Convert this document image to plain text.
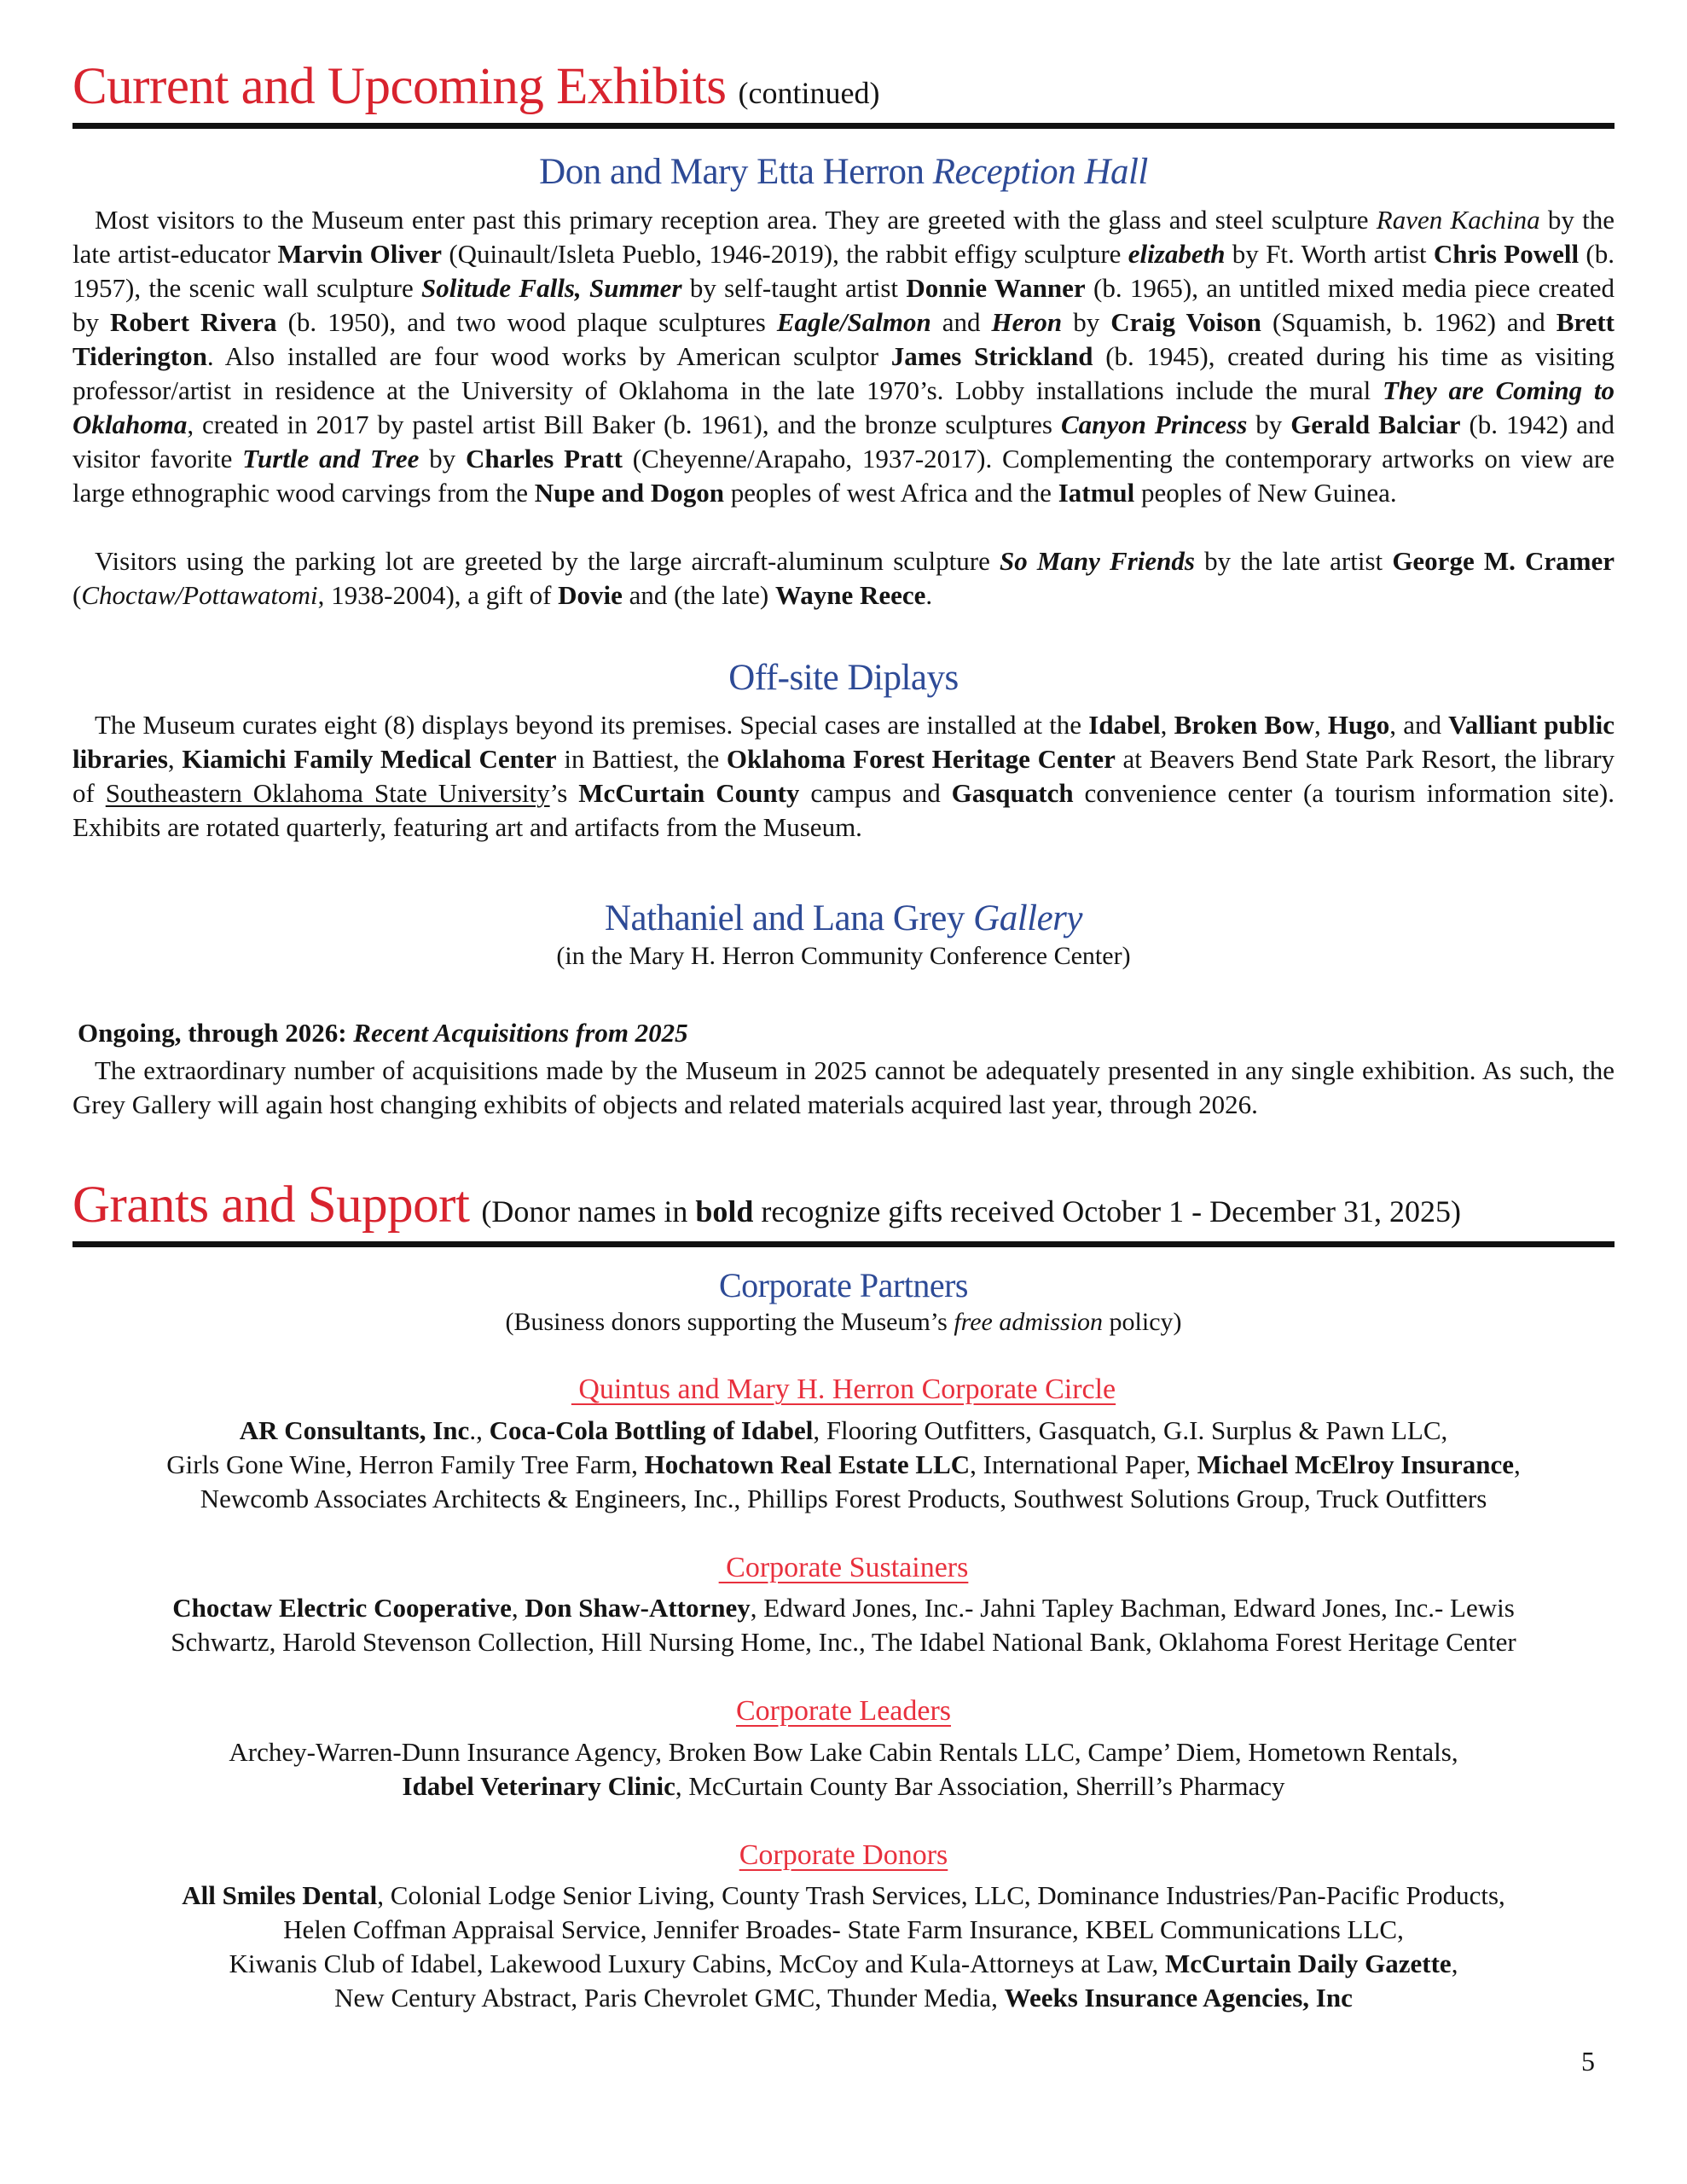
Current and Upcoming Exhibits (continued)
Don and Mary Etta Herron Reception Hall

Most visitors to the Museum enter past this primary reception area. They are greeted with the glass and steel sculpture Raven Kachina by the late artist-educator Marvin Oliver (Quinault/Isleta Pueblo, 1946-2019), the rabbit effigy sculpture elizabeth by Ft. Worth artist Chris Powell (b. 1957), the scenic wall sculpture Solitude Falls, Summer by self-taught artist Donnie Wanner (b. 1965), an untitled mixed media piece created by Robert Rivera (b. 1950), and two wood plaque sculptures Eagle/Salmon and Heron by Craig Voison (Squamish, b. 1962) and Brett Tiderington. Also installed are four wood works by American sculptor James Strickland (b. 1945), created during his time as visiting professor/artist in residence at the University of Oklahoma in the late 1970’s. Lobby installations include the mural They are Coming to Oklahoma, created in 2017 by pastel artist Bill Baker (b. 1961), and the bronze sculptures Canyon Princess by Gerald Balciar (b. 1942) and visitor favorite Turtle and Tree by Charles Pratt (Cheyenne/Arapaho, 1937-2017). Complementing the contemporary artworks on view are large ethnographic wood carvings from the Nupe and Dogon peoples of west Africa and the Iatmul peoples of New Guinea.

Visitors using the parking lot are greeted by the large aircraft-aluminum sculpture So Many Friends by the late artist George M. Cramer (Choctaw/Pottawatomi, 1938-2004), a gift of Dovie and (the late) Wayne Reece.

Off-site Diplays

The Museum curates eight (8) displays beyond its premises. Special cases are installed at the Idabel, Broken Bow, Hugo, and Valliant public libraries, Kiamichi Family Medical Center in Battiest, the Oklahoma Forest Heritage Center at Beavers Bend State Park Resort, the library of Southeastern Oklahoma State University’s McCurtain County campus and Gasquatch convenience center (a tourism information site). Exhibits are rotated quarterly, featuring art and artifacts from the Museum.

Nathaniel and Lana Grey Gallery
(in the Mary H. Herron Community Conference Center)

Ongoing, through 2026: Recent Acquisitions from 2025

The extraordinary number of acquisitions made by the Museum in 2025 cannot be adequately presented in any single exhibition. As such, the Grey Gallery will again host changing exhibits of objects and related materials acquired last year, through 2026.

Grants and Support (Donor names in bold recognize gifts received October 1 - December 31, 2025)
Corporate Partners
(Business donors supporting the Museum’s free admission policy)
Quintus and Mary H. Herron Corporate Circle

AR Consultants, Inc., Coca-Cola Bottling of Idabel, Flooring Outfitters, Gasquatch, G.I. Surplus & Pawn LLC,

Girls Gone Wine, Herron Family Tree Farm, Hochatown Real Estate LLC, International Paper, Michael McElroy Insurance,

Newcomb Associates Architects & Engineers, Inc., Phillips Forest Products, Southwest Solutions Group, Truck Outfitters

Corporate Sustainers

Choctaw Electric Cooperative, Don Shaw-Attorney, Edward Jones, Inc.- Jahni Tapley Bachman, Edward Jones, Inc.- Lewis

Schwartz, Harold Stevenson Collection, Hill Nursing Home, Inc., The Idabel National Bank, Oklahoma Forest Heritage Center

Corporate Leaders

Archey-Warren-Dunn Insurance Agency, Broken Bow Lake Cabin Rentals LLC, Campe’ Diem, Hometown Rentals,

Idabel Veterinary Clinic, McCurtain County Bar Association, Sherrill’s Pharmacy

Corporate Donors

All Smiles Dental, Colonial Lodge Senior Living, County Trash Services, LLC, Dominance Industries/Pan-Pacific Products,

Helen Coffman Appraisal Service, Jennifer Broades- State Farm Insurance, KBEL Communications LLC,

Kiwanis Club of Idabel, Lakewood Luxury Cabins, McCoy and Kula-Attorneys at Law, McCurtain Daily Gazette,

New Century Abstract, Paris Chevrolet GMC, Thunder Media, Weeks Insurance Agencies, Inc

5
